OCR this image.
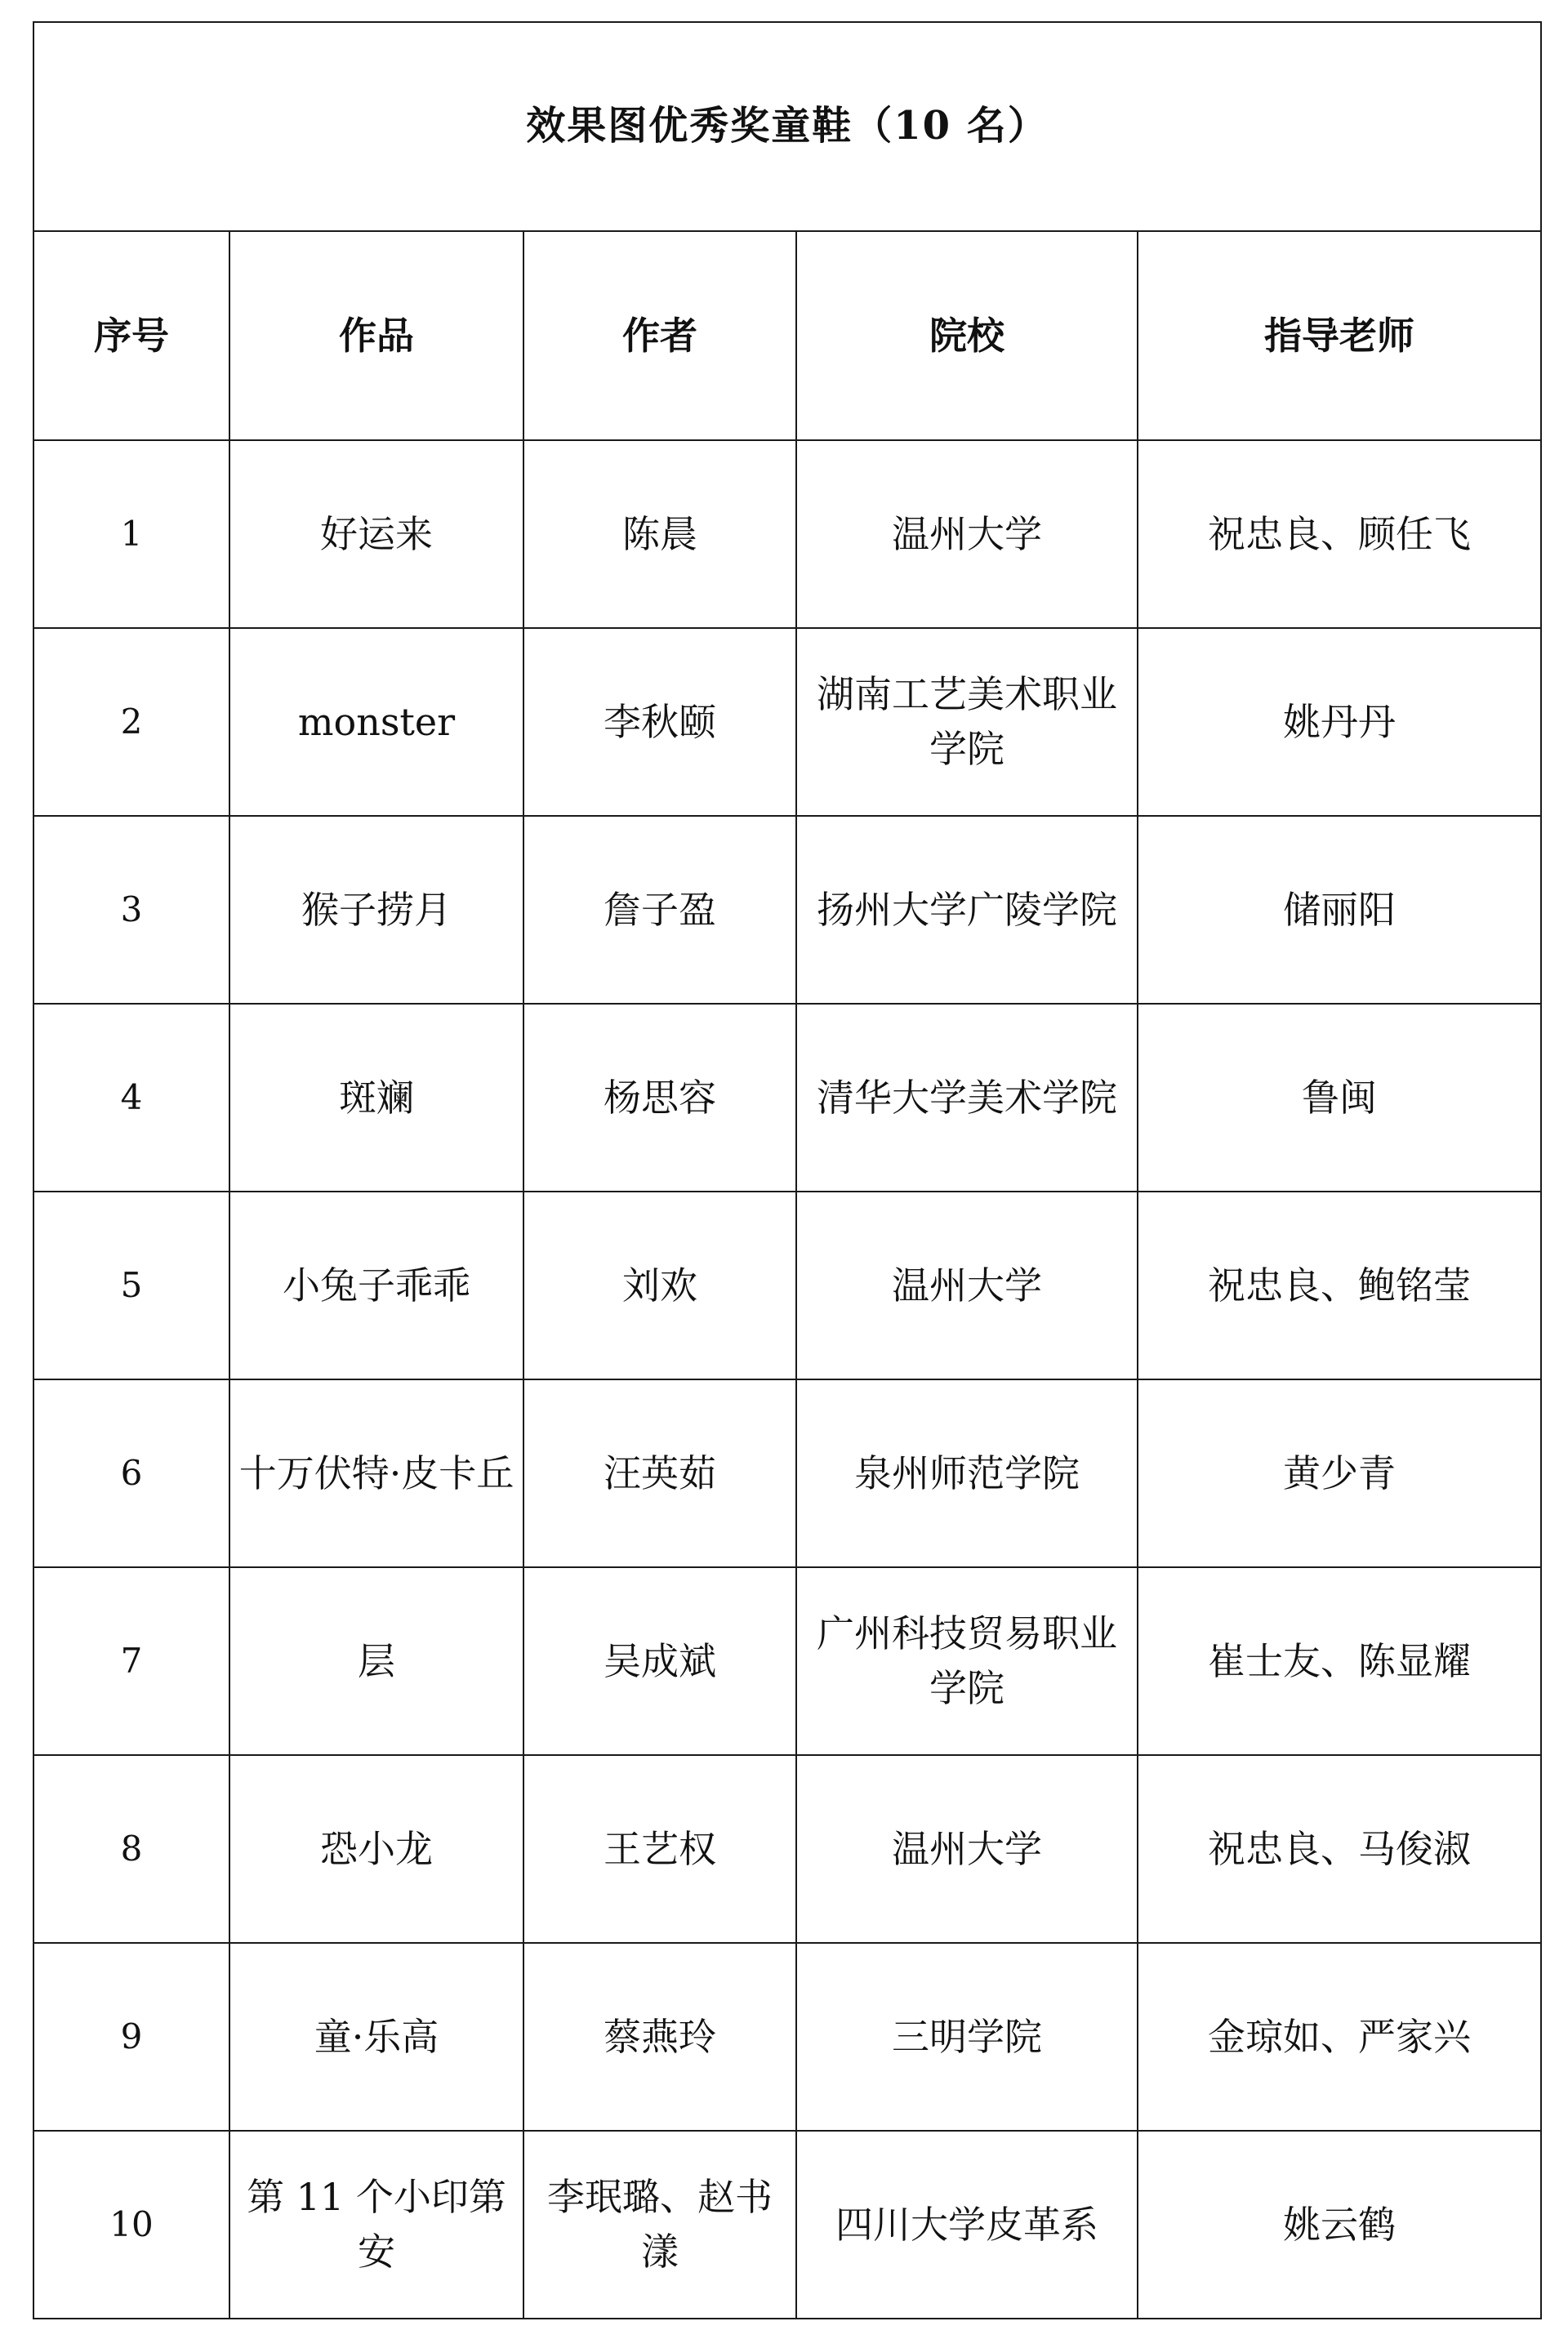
效果图优秀奖童鞋（10 名）				
序号	作品	作者	院校	指导老师
1	好运来	陈晨	温州大学	祝忠良、顾任飞
2	monster	李秋颐	湖南工艺美术职业学院	姚丹丹
3	猴子捞月	詹子盈	扬州大学广陵学院	储丽阳
4	斑斓	杨思容	清华大学美术学院	鲁闽
5	小兔子乖乖	刘欢	温州大学	祝忠良、鲍铭莹
6	十万伏特·皮卡丘	汪英茹	泉州师范学院	黄少青
7	层	吴成斌	广州科技贸易职业学院	崔士友、陈显耀
8	恐小龙	王艺权	温州大学	祝忠良、马俊淑
9	童·乐高	蔡燕玲	三明学院	金琼如、严家兴
10	第 11 个小印第安	李珉璐、赵书漾	四川大学皮革系	姚云鹤
